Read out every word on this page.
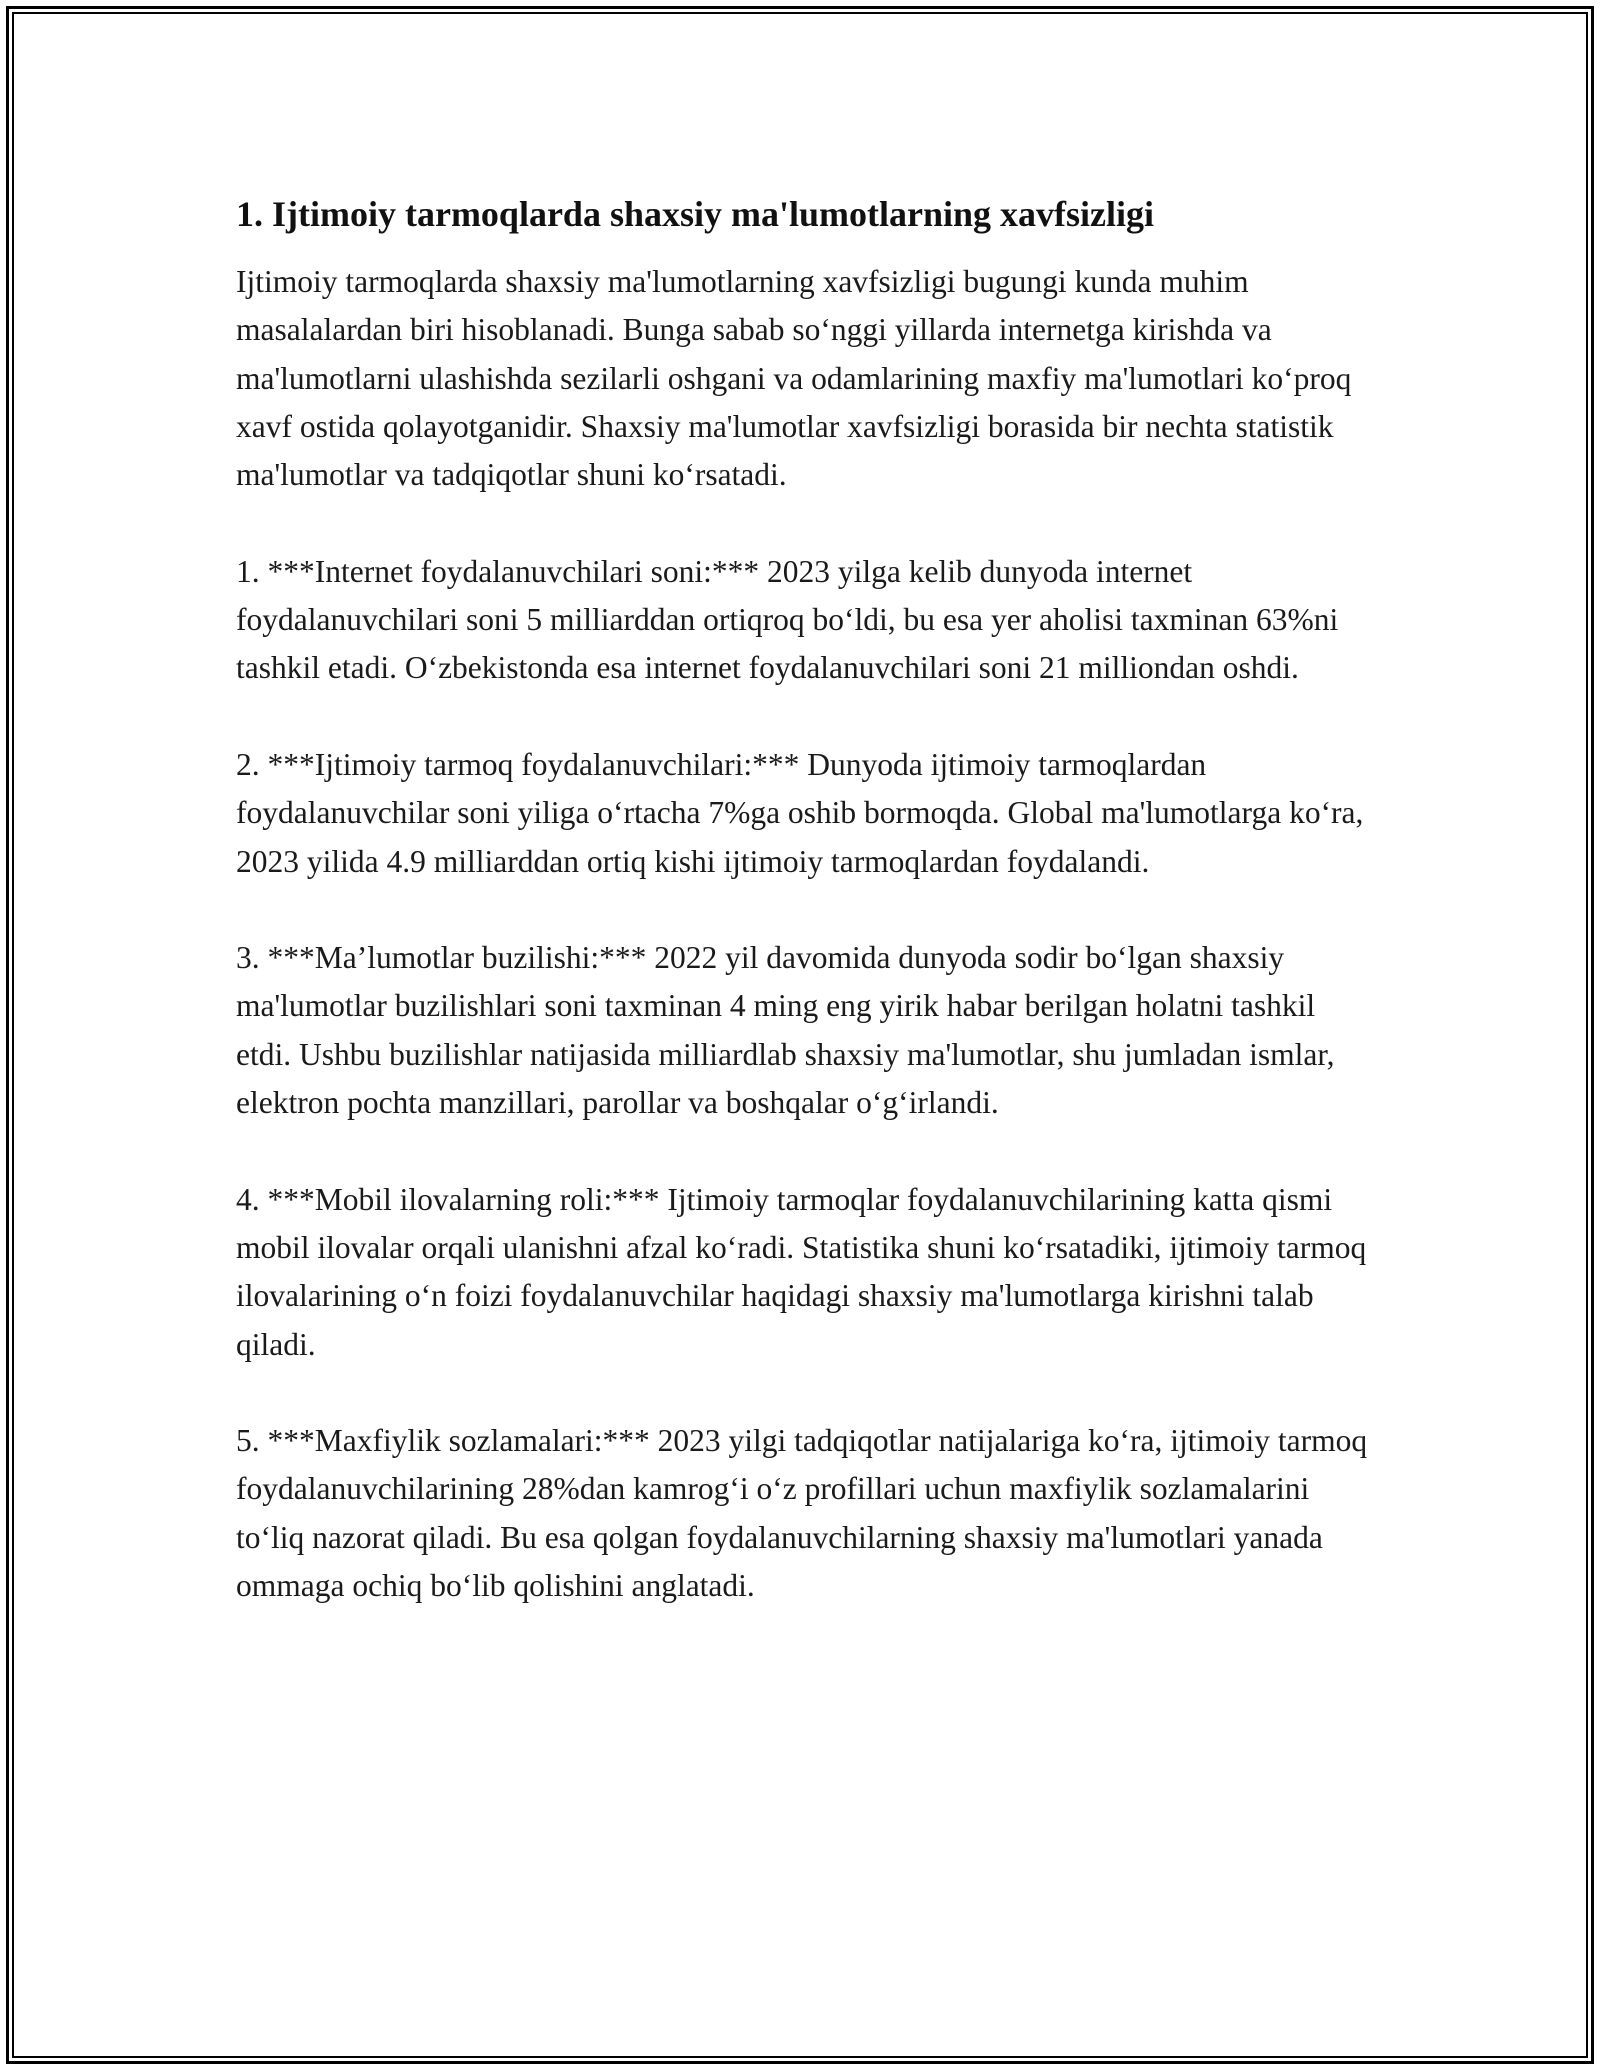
1. Ijtimoiy tarmoqlarda shaxsiy ma'lumotlarning xavfsizligi

Ijtimoiy tarmoqlarda shaxsiy ma'lumotlarning xavfsizligi bugungi kunda muhim masalalardan biri hisoblanadi. Bunga sabab so‘nggi yillarda internetga kirishda va ma'lumotlarni ulashishda sezilarli oshgani va odamlarining maxfiy ma'lumotlari ko‘proq xavf ostida qolayotganidir. Shaxsiy ma'lumotlar xavfsizligi borasida bir nechta statistik ma'lumotlar va tadqiqotlar shuni ko‘rsatadi.

1. ***Internet foydalanuvchilari soni:*** 2023 yilga kelib dunyoda internet foydalanuvchilari soni 5 milliarddan ortiqroq bo‘ldi, bu esa yer aholisi taxminan 63%ni tashkil etadi. O‘zbekistonda esa internet foydalanuvchilari soni 21 milliondan oshdi.

2. ***Ijtimoiy tarmoq foydalanuvchilari:*** Dunyoda ijtimoiy tarmoqlardan foydalanuvchilar soni yiliga o‘rtacha 7%ga oshib bormoqda. Global ma'lumotlarga ko‘ra, 2023 yilida 4.9 milliarddan ortiq kishi ijtimoiy tarmoqlardan foydalandi.

3. ***Ma’lumotlar buzilishi:*** 2022 yil davomida dunyoda sodir bo‘lgan shaxsiy ma'lumotlar buzilishlari soni taxminan 4 ming eng yirik habar berilgan holatni tashkil etdi. Ushbu buzilishlar natijasida milliardlab shaxsiy ma'lumotlar, shu jumladan ismlar, elektron pochta manzillari, parollar va boshqalar o‘g‘irlandi.

4. ***Mobil ilovalarning roli:*** Ijtimoiy tarmoqlar foydalanuvchilarining katta qismi mobil ilovalar orqali ulanishni afzal ko‘radi. Statistika shuni ko‘rsatadiki, ijtimoiy tarmoq ilovalarining o‘n foizi foydalanuvchilar haqidagi shaxsiy ma'lumotlarga kirishni talab qiladi.

5. ***Maxfiylik sozlamalari:*** 2023 yilgi tadqiqotlar natijalariga ko‘ra, ijtimoiy tarmoq foydalanuvchilarining 28%dan kamrog‘i o‘z profillari uchun maxfiylik sozlamalarini to‘liq nazorat qiladi. Bu esa qolgan foydalanuvchilarning shaxsiy ma'lumotlari yanada ommaga ochiq bo‘lib qolishini anglatadi.
